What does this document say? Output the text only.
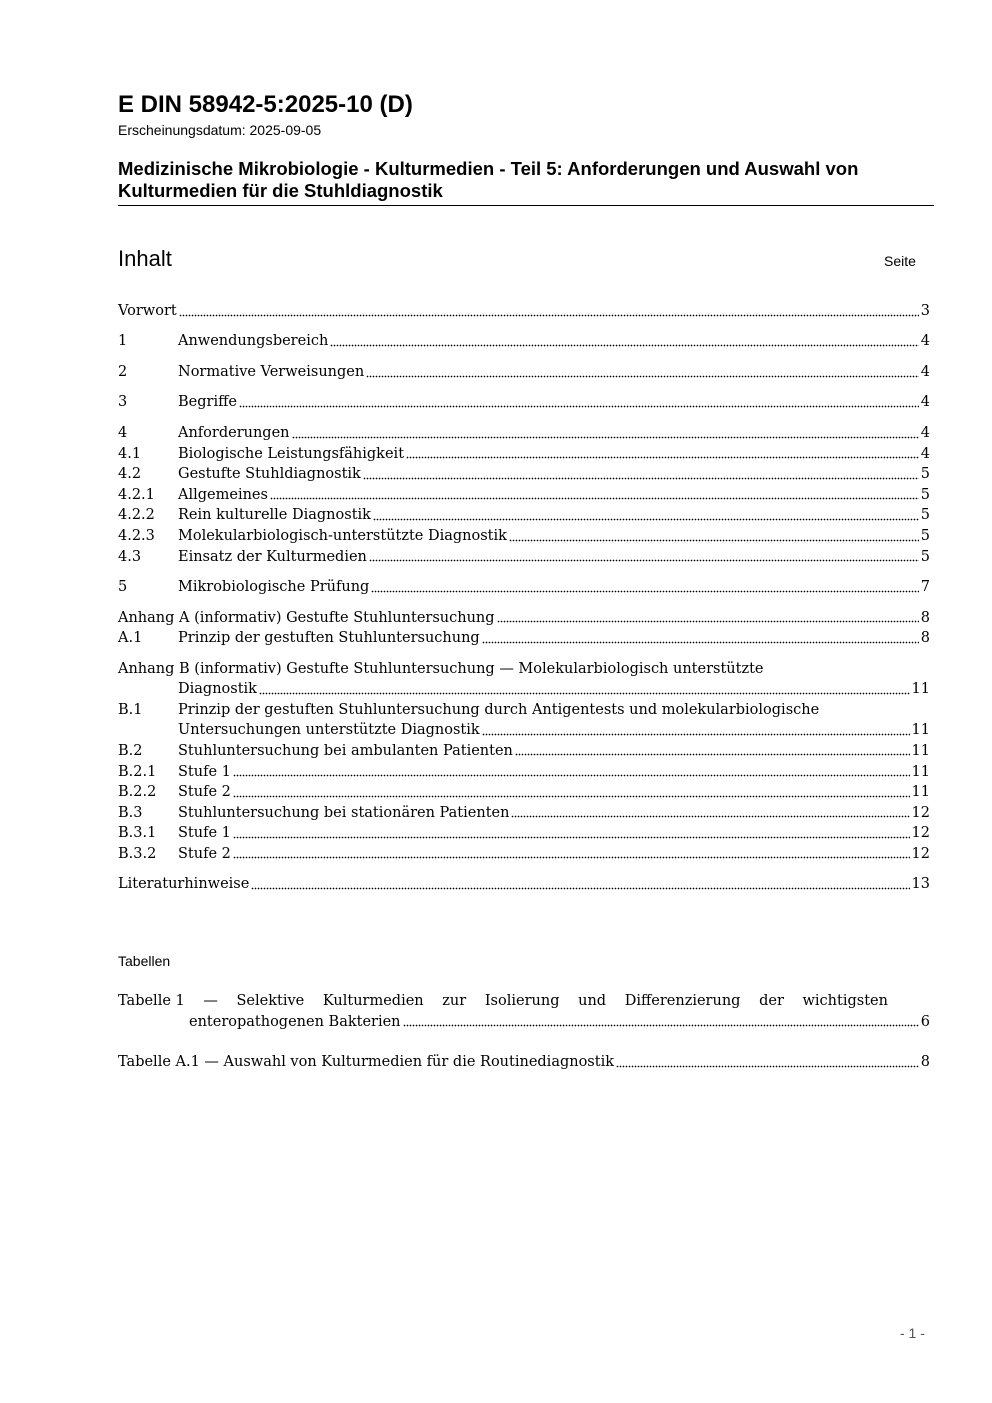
E DIN 58942-5:2025-10 (D)
Erscheinungsdatum: 2025-09-05
Medizinische Mikrobiologie - Kulturmedien - Teil 5: Anforderungen und Auswahl von Kulturmedien für die Stuhldiagnostik
Inhalt	Seite
Vorwort	3
1	Anwendungsbereich	4
2	Normative Verweisungen	4
3	Begriffe	4
4	Anforderungen	4
4.1	Biologische Leistungsfähigkeit	4
4.2	Gestufte Stuhldiagnostik	5
4.2.1 Allgemeines	5
4.2.2 Rein kulturelle Diagnostik	5
4.2.3 Molekularbiologisch-unterstützte Diagnostik	5
4.3	Einsatz der Kulturmedien	5
5	Mikrobiologische Prüfung	7
Anhang A (informativ) Gestufte Stuhluntersuchung	8
A.1 Prinzip der gestuften Stuhluntersuchung	8
Anhang B (informativ) Gestufte Stuhluntersuchung — Molekularbiologisch unterstützte
Diagnostik	11
B.1 Prinzip der gestuften Stuhluntersuchung durch Antigentests und molekularbiologische
Untersuchungen unterstützte Diagnostik	11
B.2 Stuhluntersuchung bei ambulanten Patienten	11
B.2.1 Stufe 1	11
B.2.2 Stufe 2	11
B.3 Stuhluntersuchung bei stationären Patienten	12
B.3.1 Stufe 1	12
B.3.2 Stufe 2	12
Literaturhinweise	13
Tabellen
Tabelle 1 — Selektive Kulturmedien zur Isolierung und Differenzierung der wichtigsten
enteropathogenen Bakterien	6
Tabelle A.1 — Auswahl von Kulturmedien für die Routinediagnostik	8
- 1 -
